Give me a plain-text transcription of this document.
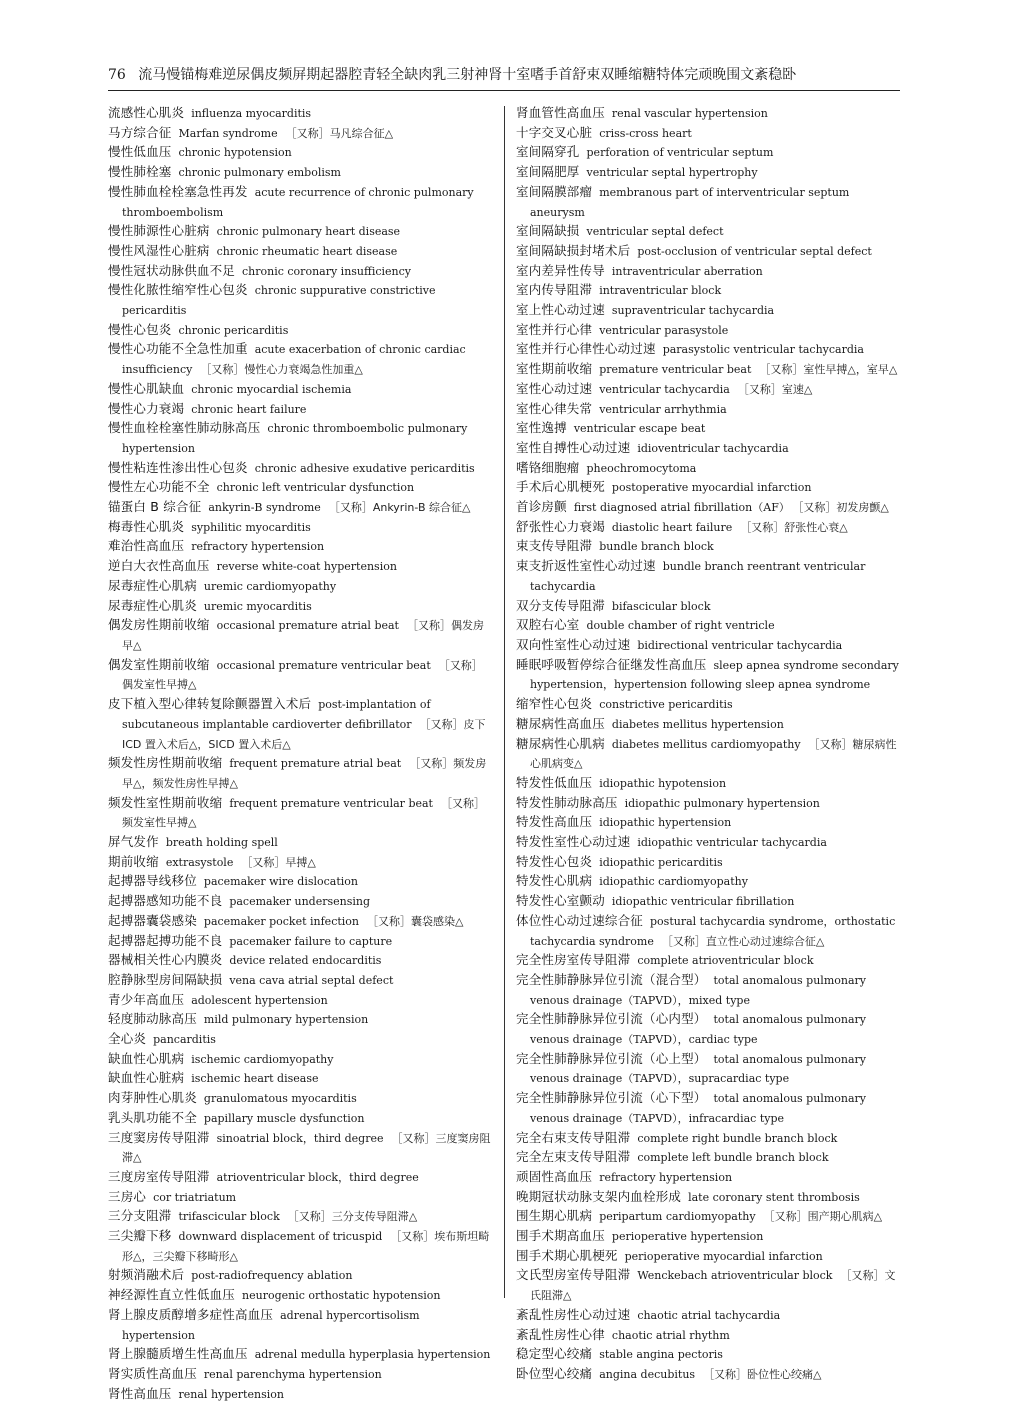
76 流马慢锚梅难逆尿偶皮频屏期起器腔青轻全缺肉乳三射神肾十室嗜手首舒束双睡缩糖特体完顽晚围文紊稳卧
流感性心肌炎 influenza myocarditis
马方综合征 Marfan syndrome ［又称］马凡综合征△
慢性低血压 chronic hypotension
慢性肺栓塞 chronic pulmonary embolism
慢性肺血栓栓塞急性再发 acute recurrence of chronic pulmonary thromboembolism
慢性肺源性心脏病 chronic pulmonary heart disease
慢性风湿性心脏病 chronic rheumatic heart disease
慢性冠状动脉供血不足 chronic coronary insufficiency
慢性化脓性缩窄性心包炎 chronic suppurative constrictive pericarditis
慢性心包炎 chronic pericarditis
慢性心功能不全急性加重 acute exacerbation of chronic cardiac insufficiency ［又称］慢性心力衰竭急性加重△
慢性心肌缺血 chronic myocardial ischemia
慢性心力衰竭 chronic heart failure
慢性血栓栓塞性肺动脉高压 chronic thromboembolic pulmonary hypertension
慢性粘连性渗出性心包炎 chronic adhesive exudative pericarditis
慢性左心功能不全 chronic left ventricular dysfunction
锚蛋白 B 综合征 ankyrin-B syndrome ［又称］Ankyrin-B 综合征△
梅毒性心肌炎 syphilitic myocarditis
难治性高血压 refractory hypertension
逆白大衣性高血压 reverse white-coat hypertension
尿毒症性心肌病 uremic cardiomyopathy
尿毒症性心肌炎 uremic myocarditis
偶发房性期前收缩 occasional premature atrial beat ［又称］偶发房早△
偶发室性期前收缩 occasional premature ventricular beat ［又称］偶发室性早搏△
皮下植入型心律转复除颤器置入术后 post-implantation of subcutaneous implantable cardioverter defibrillator ［又称］皮下 ICD 置入术后△，SICD 置入术后△
频发性房性期前收缩 frequent premature atrial beat ［又称］频发房早△，频发性房性早搏△
频发性室性期前收缩 frequent premature ventricular beat ［又称］频发室性早搏△
屏气发作 breath holding spell
期前收缩 extrasystole ［又称］早搏△
起搏器导线移位 pacemaker wire dislocation
起搏器感知功能不良 pacemaker undersensing
起搏器囊袋感染 pacemaker pocket infection ［又称］囊袋感染△
起搏器起搏功能不良 pacemaker failure to capture
器械相关性心内膜炎 device related endocarditis
腔静脉型房间隔缺损 vena cava atrial septal defect
青少年高血压 adolescent hypertension
轻度肺动脉高压 mild pulmonary hypertension
全心炎 pancarditis
缺血性心肌病 ischemic cardiomyopathy
缺血性心脏病 ischemic heart disease
肉芽肿性心肌炎 granulomatous myocarditis
乳头肌功能不全 papillary muscle dysfunction
三度窦房传导阻滞 sinoatrial block，third degree ［又称］三度窦房阻滞△
三度房室传导阻滞 atrioventricular block，third degree
三房心 cor triatriatum
三分支阻滞 trifascicular block ［又称］三分支传导阻滞△
三尖瓣下移 downward displacement of tricuspid ［又称］埃布斯坦畸形△，三尖瓣下移畸形△
射频消融术后 post-radiofrequency ablation
神经源性直立性低血压 neurogenic orthostatic hypotension
肾上腺皮质醇增多症性高血压 adrenal hypercortisolism hypertension
肾上腺髓质增生性高血压 adrenal medulla hyperplasia hypertension
肾实质性高血压 renal parenchyma hypertension
肾性高血压 renal hypertension
肾血管性高血压 renal vascular hypertension
十字交叉心脏 criss-cross heart
室间隔穿孔 perforation of ventricular septum
室间隔肥厚 ventricular septal hypertrophy
室间隔膜部瘤 membranous part of interventricular septum aneurysm
室间隔缺损 ventricular septal defect
室间隔缺损封堵术后 post-occlusion of ventricular septal defect
室内差异性传导 intraventricular aberration
室内传导阻滞 intraventricular block
室上性心动过速 supraventricular tachycardia
室性并行心律 ventricular parasystole
室性并行心律性心动过速 parasystolic ventricular tachycardia
室性期前收缩 premature ventricular beat ［又称］室性早搏△，室早△
室性心动过速 ventricular tachycardia ［又称］室速△
室性心律失常 ventricular arrhythmia
室性逸搏 ventricular escape beat
室性自搏性心动过速 idioventricular tachycardia
嗜铬细胞瘤 pheochromocytoma
手术后心肌梗死 postoperative myocardial infarction
首诊房颤 first diagnosed atrial fibrillation（AF） ［又称］初发房颤△
舒张性心力衰竭 diastolic heart failure ［又称］舒张性心衰△
束支传导阻滞 bundle branch block
束支折返性室性心动过速 bundle branch reentrant ventricular tachycardia
双分支传导阻滞 bifascicular block
双腔右心室 double chamber of right ventricle
双向性室性心动过速 bidirectional ventricular tachycardia
睡眠呼吸暂停综合征继发性高血压 sleep apnea syndrome secondary hypertension，hypertension following sleep apnea syndrome
缩窄性心包炎 constrictive pericarditis
糖尿病性高血压 diabetes mellitus hypertension
糖尿病性心肌病 diabetes mellitus cardiomyopathy ［又称］糖尿病性心肌病变△
特发性低血压 idiopathic hypotension
特发性肺动脉高压 idiopathic pulmonary hypertension
特发性高血压 idiopathic hypertension
特发性室性心动过速 idiopathic ventricular tachycardia
特发性心包炎 idiopathic pericarditis
特发性心肌病 idiopathic cardiomyopathy
特发性心室颤动 idiopathic ventricular fibrillation
体位性心动过速综合征 postural tachycardia syndrome，orthostatic tachycardia syndrome ［又称］直立性心动过速综合征△
完全性房室传导阻滞 complete atrioventricular block
完全性肺静脉异位引流（混合型） total anomalous pulmonary venous drainage（TAPVD），mixed type
完全性肺静脉异位引流（心内型） total anomalous pulmonary venous drainage（TAPVD），cardiac type
完全性肺静脉异位引流（心上型） total anomalous pulmonary venous drainage（TAPVD），supracardiac type
完全性肺静脉异位引流（心下型） total anomalous pulmonary venous drainage（TAPVD），infracardiac type
完全右束支传导阻滞 complete right bundle branch block
完全左束支传导阻滞 complete left bundle branch block
顽固性高血压 refractory hypertension
晚期冠状动脉支架内血栓形成 late coronary stent thrombosis
围生期心肌病 peripartum cardiomyopathy ［又称］围产期心肌病△
围手术期高血压 perioperative hypertension
围手术期心肌梗死 perioperative myocardial infarction
文氏型房室传导阻滞 Wenckebach atrioventricular block ［又称］文氏阻滞△
紊乱性房性心动过速 chaotic atrial tachycardia
紊乱性房性心律 chaotic atrial rhythm
稳定型心绞痛 stable angina pectoris
卧位型心绞痛 angina decubitus ［又称］卧位性心绞痛△
